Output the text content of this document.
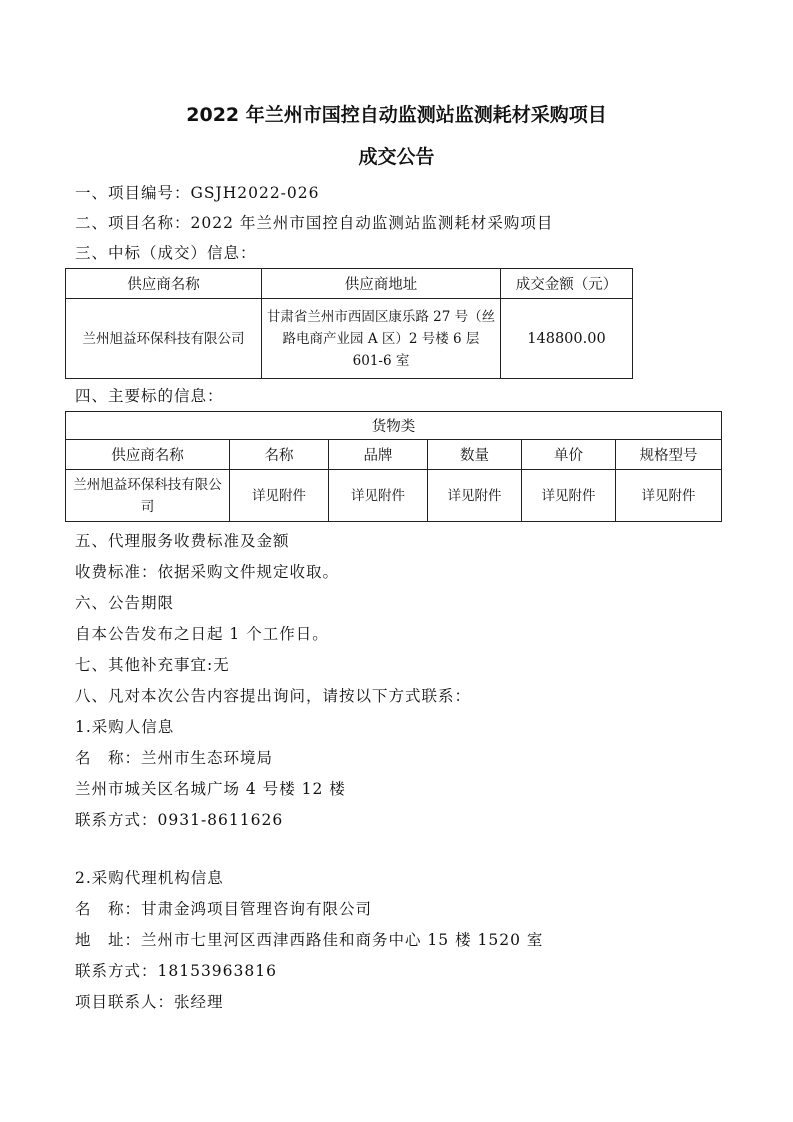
2022 年兰州市国控自动监测站监测耗材采购项目
成交公告
一、项目编号：GSJH2022-026
二、项目名称：2022 年兰州市国控自动监测站监测耗材采购项目
三、中标（成交）信息：
供应商名称	供应商地址	成交金额（元）
兰州旭益环保科技有限公司	甘肃省兰州市西固区康乐路 27 号（丝路电商产业园 A 区）2 号楼 6 层 601-6 室	148800.00
四、主要标的信息：
货物类					
供应商名称	名称	品牌	数量	单价	规格型号
兰州旭益环保科技有限公司	详见附件	详见附件	详见附件	详见附件	详见附件
五、代理服务收费标准及金额
收费标准：依据采购文件规定收取。
六、公告期限
自本公告发布之日起 1 个工作日。
七、其他补充事宜:无
八、凡对本次公告内容提出询问，请按以下方式联系：
1.采购人信息
名　称：兰州市生态环境局
兰州市城关区名城广场 4 号楼 12 楼
联系方式：0931-8611626
2.采购代理机构信息
名　称：甘肃金鸿项目管理咨询有限公司
地　址：兰州市七里河区西津西路佳和商务中心 15 楼 1520 室
联系方式：18153963816
项目联系人：张经理
